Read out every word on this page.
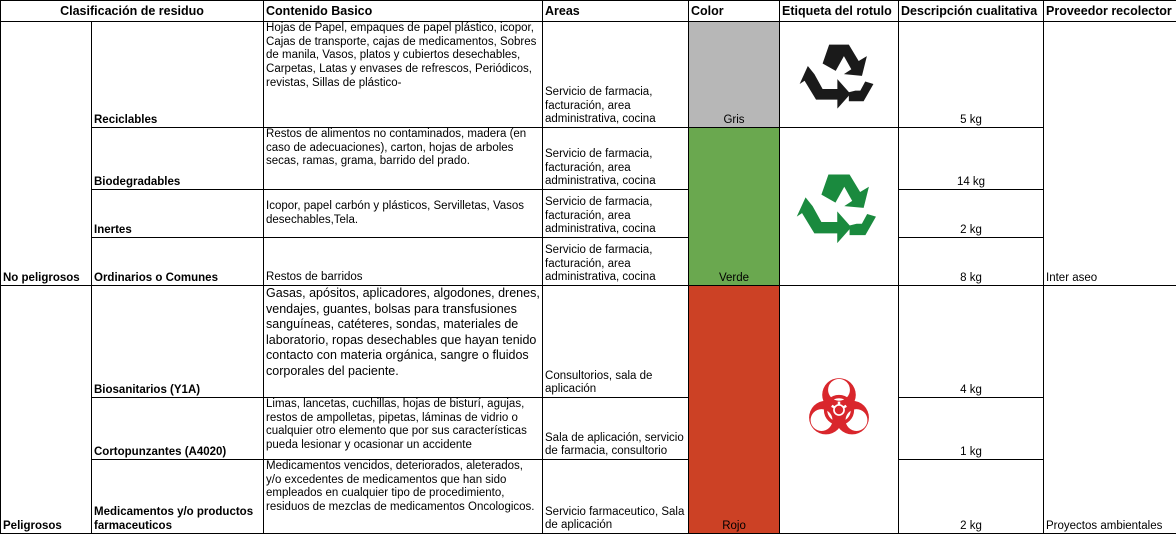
Clasificación de residuo		Contenido Basico	Areas	Color	Etiqueta del rotulo	Descripción cualitativa	Proveedor recolector
No peligrosos	Reciclables	Hojas de Papel, empaques de papel plástico, icopor, Cajas de transporte, cajas de medicamentos, Sobres de manila, Vasos, platos y cubiertos desechables, Carpetas, Latas y envases de refrescos, Periódicos, revistas, Sillas de plástico-	Servicio de farmacia, facturación, area administrativa, cocina	Gris		5 kg	Inter aseo
	Biodegradables	Restos de alimentos no contaminados, madera (en caso de adecuaciones), carton, hojas de arboles secas, ramas, grama, barrido del prado.	Servicio de farmacia, facturación, area administrativa, cocina	Verde		14 kg	
	Inertes	Icopor, papel carbón y plásticos, Servilletas, Vasos desechables,Tela.	Servicio de farmacia, facturación, area administrativa, cocina			2 kg	
	Ordinarios o Comunes	Restos de barridos	Servicio de farmacia, facturación, area administrativa, cocina			8 kg	
Peligrosos	Biosanitarios (Y1A)	Gasas, apósitos, aplicadores, algodones, drenes, vendajes, guantes, bolsas para transfusiones sanguíneas, catéteres, sondas, materiales de laboratorio, ropas desechables que hayan tenido contacto con materia orgánica, sangre o fluidos corporales del paciente.	Consultorios, sala de aplicación	Rojo		4 kg	Proyectos ambientales
	Cortopunzantes (A4020)	Limas, lancetas, cuchillas, hojas de bisturí, agujas, restos de ampolletas, pipetas, láminas de vidrio o cualquier otro elemento que por sus características pueda lesionar y ocasionar un accidente	Sala de aplicación, servicio de farmacia, consultorio			1 kg	
	Medicamentos y/o productos farmaceuticos	Medicamentos vencidos, deteriorados, aleterados, y/o excedentes de medicamentos que han sido empleados en cualquier tipo de procedimiento, residuos de mezclas de medicamentos Oncologicos.	Servicio farmaceutico, Sala de aplicación			2 kg	
